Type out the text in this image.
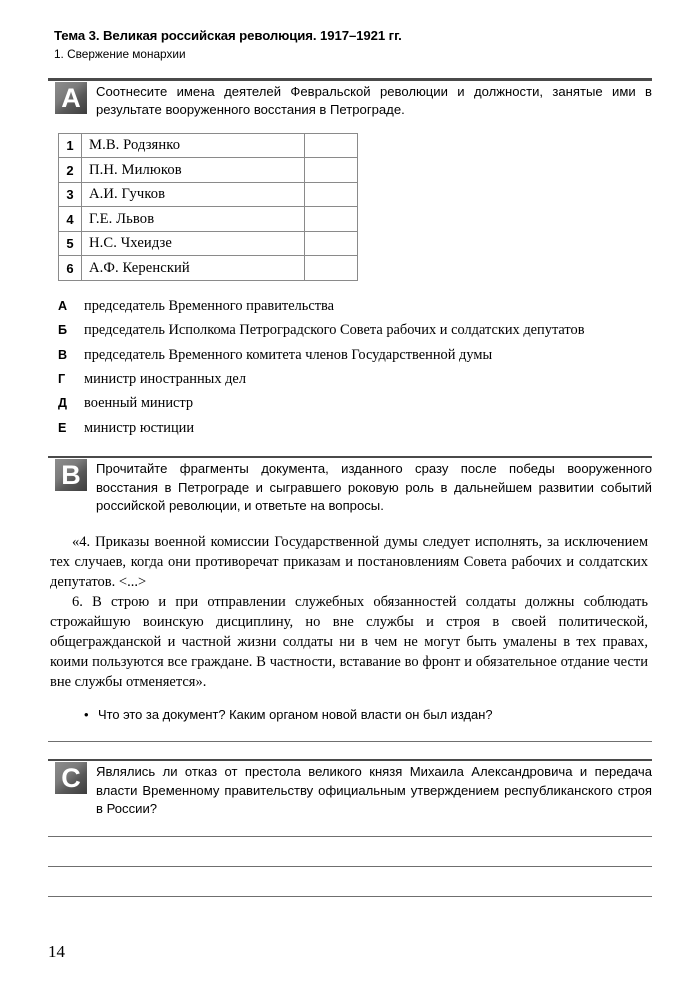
Тема 3. Великая российская революция. 1917–1921 гг.
1. Свержение монархии
A	Соотнесите имена деятелей Февральской революции и должности, занятые ими в результате вооруженного восстания в Петрограде.
1	М.В. Родзянко	
2	П.Н. Милюков	
3	А.И. Гучков	
4	Г.Е. Львов	
5	Н.С. Чхеидзе	
6	А.Ф. Керенский	
А	председатель Временного правительства
Б	председатель Исполкома Петроградского Совета рабочих и солдатских депутатов
В	председатель Временного комитета членов Государственной думы
Г	министр иностранных дел
Д	военный министр
Е	министр юстиции
B	Прочитайте фрагменты документа, изданного сразу после победы вооруженного восстания в Петрограде и сыгравшего роковую роль в дальнейшем развитии событий российской революции, и ответьте на вопросы.

«4. Приказы военной комиссии Государственной думы следует исполнять, за исключением тех случаев, когда они противоречат приказам и постановлениям Совета рабочих и солдатских депутатов. <...>

6. В строю и при отправлении служебных обязанностей солдаты должны соблюдать строжайшую воинскую дисциплину, но вне службы и строя в своей политической, общегражданской и частной жизни солдаты ни в чем не могут быть умалены в тех правах, коими пользуются все граждане. В частности, вставание во фронт и обязательное отдание чести вне службы отменяется».

• Что это за документ? Каким органом новой власти он был издан?
C	Являлись ли отказ от престола великого князя Михаила Александровича и передача власти Временному правительству официальным утверждением республиканского строя в России?
14
